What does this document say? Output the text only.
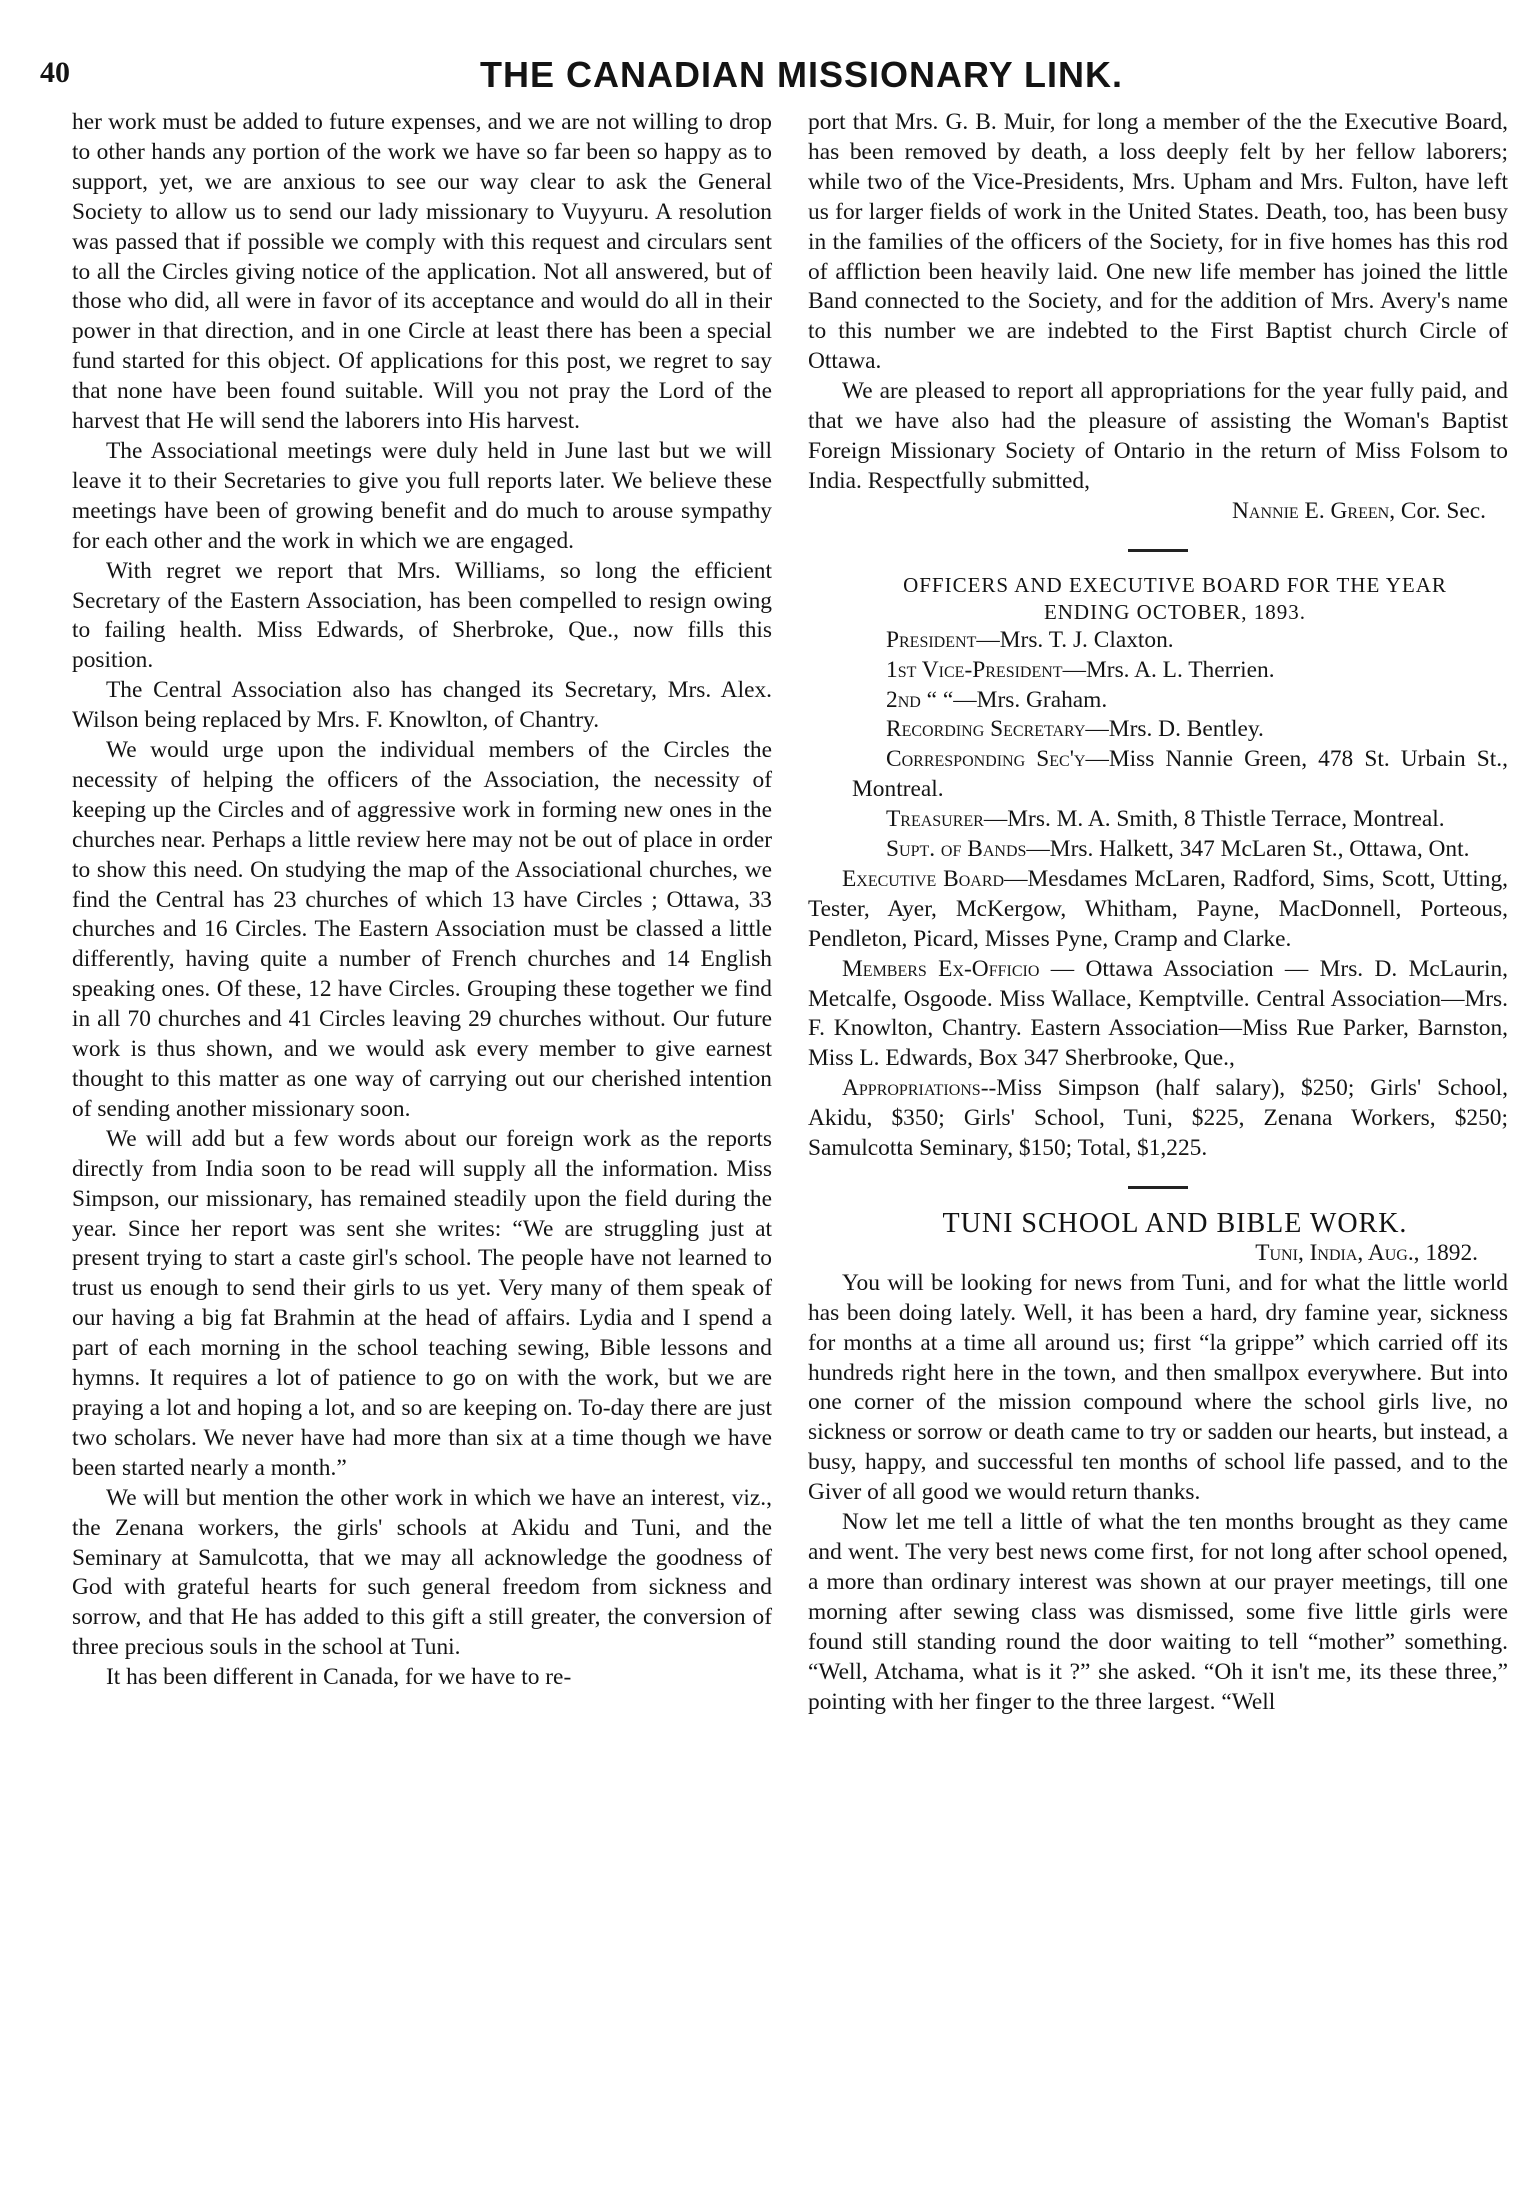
40	THE CANADIAN MISSIONARY LINK.

her work must be added to future expenses, and we are not willing to drop to other hands any portion of the work we have so far been so happy as to support, yet, we are anxious to see our way clear to ask the General Society to allow us to send our lady missionary to Vuyyuru. A resolution was passed that if possible we comply with this request and circulars sent to all the Circles giving notice of the application. Not all answered, but of those who did, all were in favor of its acceptance and would do all in their power in that direction, and in one Circle at least there has been a special fund started for this object. Of applications for this post, we regret to say that none have been found suitable. Will you not pray the Lord of the harvest that He will send the laborers into His harvest.

The Associational meetings were duly held in June last but we will leave it to their Secretaries to give you full reports later. We believe these meetings have been of growing benefit and do much to arouse sympathy for each other and the work in which we are engaged.

With regret we report that Mrs. Williams, so long the efficient Secretary of the Eastern Association, has been compelled to resign owing to failing health. Miss Edwards, of Sherbroke, Que., now fills this position.

The Central Association also has changed its Secretary, Mrs. Alex. Wilson being replaced by Mrs. F. Knowlton, of Chantry.

We would urge upon the individual members of the Circles the necessity of helping the officers of the Association, the necessity of keeping up the Circles and of aggressive work in forming new ones in the churches near. Perhaps a little review here may not be out of place in order to show this need. On studying the map of the Associational churches, we find the Central has 23 churches of which 13 have Circles ; Ottawa, 33 churches and 16 Circles. The Eastern Association must be classed a little differently, having quite a number of French churches and 14 English speaking ones. Of these, 12 have Circles. Grouping these together we find in all 70 churches and 41 Circles leaving 29 churches without. Our future work is thus shown, and we would ask every member to give earnest thought to this matter as one way of carrying out our cherished intention of sending another missionary soon.

We will add but a few words about our foreign work as the reports directly from India soon to be read will supply all the information. Miss Simpson, our missionary, has remained steadily upon the field during the year. Since her report was sent she writes: “We are struggling just at present trying to start a caste girl's school. The people have not learned to trust us enough to send their girls to us yet. Very many of them speak of our having a big fat Brahmin at the head of affairs. Lydia and I spend a part of each morning in the school teaching sewing, Bible lessons and hymns. It requires a lot of patience to go on with the work, but we are praying a lot and hoping a lot, and so are keeping on. To-day there are just two scholars. We never have had more than six at a time though we have been started nearly a month.”

We will but mention the other work in which we have an interest, viz., the Zenana workers, the girls' schools at Akidu and Tuni, and the Seminary at Samulcotta, that we may all acknowledge the goodness of God with grateful hearts for such general freedom from sickness and sorrow, and that He has added to this gift a still greater, the conversion of three precious souls in the school at Tuni.

It has been different in Canada, for we have to re-

port that Mrs. G. B. Muir, for long a member of the the Executive Board, has been removed by death, a loss deeply felt by her fellow laborers; while two of the Vice-Presidents, Mrs. Upham and Mrs. Fulton, have left us for larger fields of work in the United States. Death, too, has been busy in the families of the officers of the Society, for in five homes has this rod of affliction been heavily laid. One new life member has joined the little Band connected to the Society, and for the addition of Mrs. Avery's name to this number we are indebted to the First Baptist church Circle of Ottawa.

We are pleased to report all appropriations for the year fully paid, and that we have also had the pleasure of assisting the Woman's Baptist Foreign Missionary Society of Ontario in the return of Miss Folsom to India. Respectfully submitted,

Nannie E. Green, Cor. Sec.

OFFICERS AND EXECUTIVE BOARD FOR THE YEAR

ENDING OCTOBER, 1893.

President—Mrs. T. J. Claxton.

1st Vice-President—Mrs. A. L. Therrien.

2nd “ “—Mrs. Graham.

Recording Secretary—Mrs. D. Bentley.

Corresponding Sec'y—Miss Nannie Green, 478 St. Urbain St., Montreal.

Treasurer—Mrs. M. A. Smith, 8 Thistle Terrace, Montreal.

Supt. of Bands—Mrs. Halkett, 347 McLaren St., Ottawa, Ont.

Executive Board—Mesdames McLaren, Radford, Sims, Scott, Utting, Tester, Ayer, McKergow, Whitham, Payne, MacDonnell, Porteous, Pendleton, Picard, Misses Pyne, Cramp and Clarke.

Members Ex-Officio — Ottawa Association — Mrs. D. McLaurin, Metcalfe, Osgoode. Miss Wallace, Kemptville. Central Association—Mrs. F. Knowlton, Chantry. Eastern Association—Miss Rue Parker, Barnston, Miss L. Edwards, Box 347 Sherbrooke, Que.,

Appropriations--Miss Simpson (half salary), $250; Girls' School, Akidu, $350; Girls' School, Tuni, $225, Zenana Workers, $250; Samulcotta Seminary, $150; Total, $1,225.

TUNI SCHOOL AND BIBLE WORK.

Tuni, India, Aug., 1892.

You will be looking for news from Tuni, and for what the little world has been doing lately. Well, it has been a hard, dry famine year, sickness for months at a time all around us; first “la grippe” which carried off its hundreds right here in the town, and then smallpox everywhere. But into one corner of the mission compound where the school girls live, no sickness or sorrow or death came to try or sadden our hearts, but instead, a busy, happy, and successful ten months of school life passed, and to the Giver of all good we would return thanks.

Now let me tell a little of what the ten months brought as they came and went. The very best news come first, for not long after school opened, a more than ordinary interest was shown at our prayer meetings, till one morning after sewing class was dismissed, some five little girls were found still standing round the door waiting to tell “mother” something. “Well, Atchama, what is it ?” she asked. “Oh it isn't me, its these three,” pointing with her finger to the three largest. “Well
